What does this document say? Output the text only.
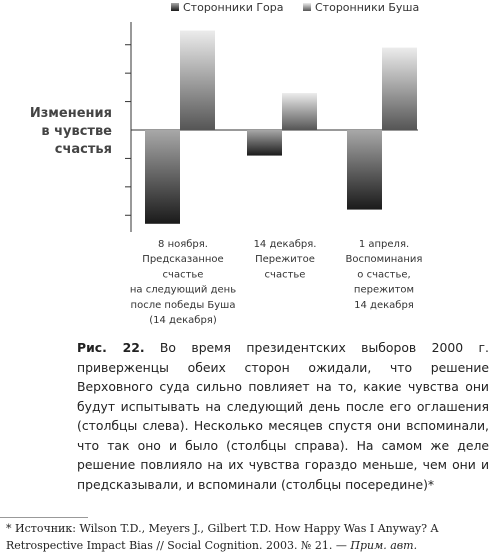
Сторонники Гора	Сторонники Буша
Изменения
в чувстве
счастья
8 ноября.
Предсказанное
счастье
на следующий день
после победы Буша
(14 декабря)
14 декабря.
Пережитое
счастье
1 апреля.
Воспоминания
о счастье,
пережитом
14 декабря
Рис. 22. Во время президентских выборов 2000 г. приверженцы обеих сторон ожидали, что решение Верховного суда сильно повлияет на то, какие чувства они будут испытывать на следующий день после его оглашения (столбцы слева). Несколько месяцев спустя они вспоминали, что так оно и было (столбцы справа). На самом же деле решение повлияло на их чувства гораздо меньше, чем они и предсказывали, и вспоминали (столбцы посередине)*
* Источник: Wilson T.D., Meyers J., Gilbert T.D. How Happy Was I Anyway? A Retrospective Impact Bias // Social Cognition. 2003. № 21. — Прим. авт.
